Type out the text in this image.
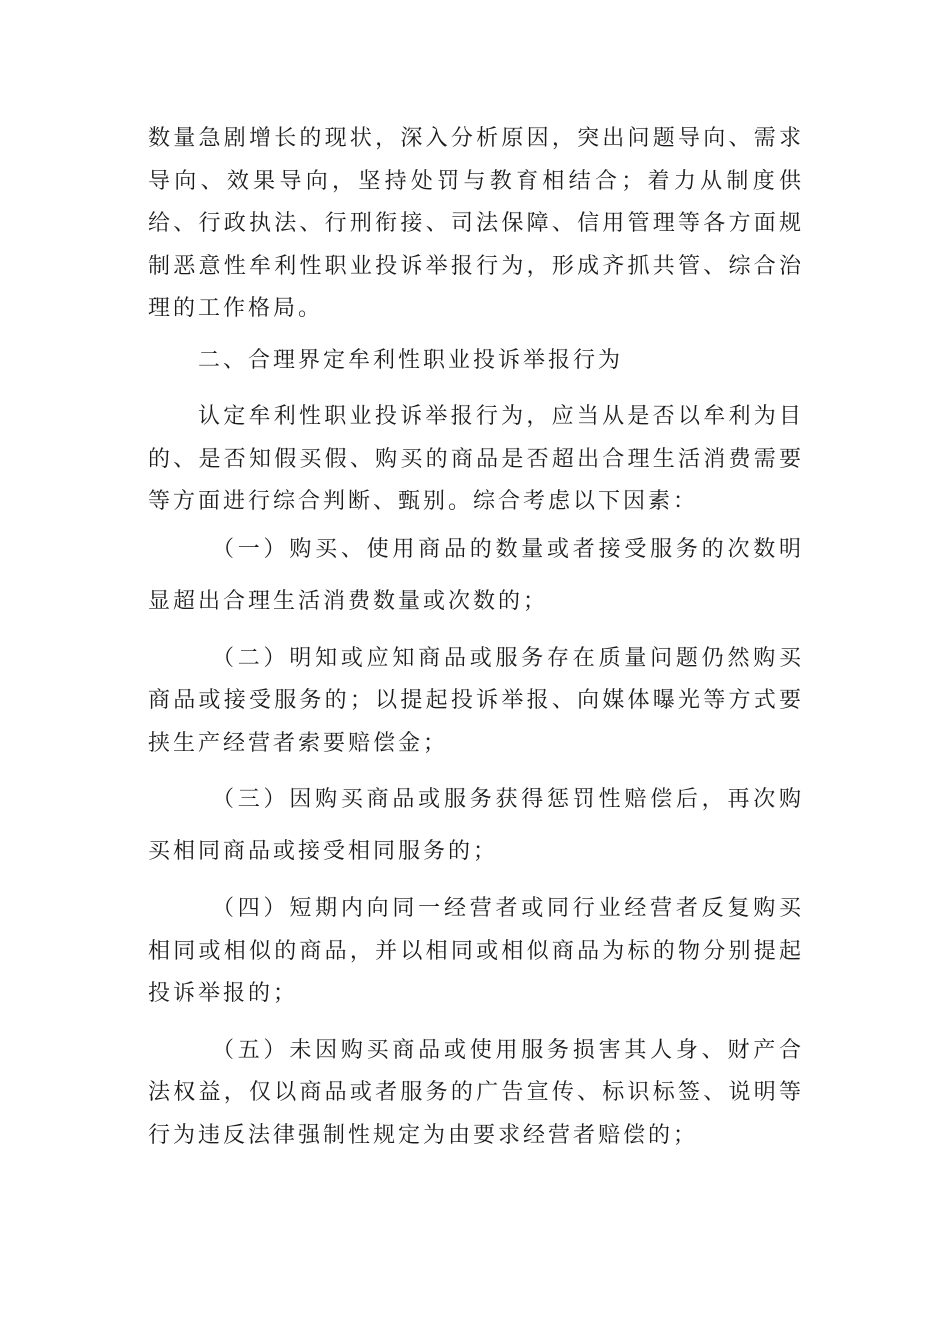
数量急剧增长的现状，深入分析原因，突出问题导向、需求导向、效果导向，坚持处罚与教育相结合；着力从制度供给、行政执法、行刑衔接、司法保障、信用管理等各方面规制恶意性牟利性职业投诉举报行为，形成齐抓共管、综合治理的工作格局。

二、合理界定牟利性职业投诉举报行为

认定牟利性职业投诉举报行为，应当从是否以牟利为目的、是否知假买假、购买的商品是否超出合理生活消费需要等方面进行综合判断、甄别。综合考虑以下因素：

（一）购买、使用商品的数量或者接受服务的次数明显超出合理生活消费数量或次数的；

（二）明知或应知商品或服务存在质量问题仍然购买商品或接受服务的；以提起投诉举报、向媒体曝光等方式要挟生产经营者索要赔偿金；

（三）因购买商品或服务获得惩罚性赔偿后，再次购买相同商品或接受相同服务的；

（四）短期内向同一经营者或同行业经营者反复购买相同或相似的商品，并以相同或相似商品为标的物分别提起投诉举报的；

（五）未因购买商品或使用服务损害其人身、财产合法权益，仅以商品或者服务的广告宣传、标识标签、说明等行为违反法律强制性规定为由要求经营者赔偿的；
